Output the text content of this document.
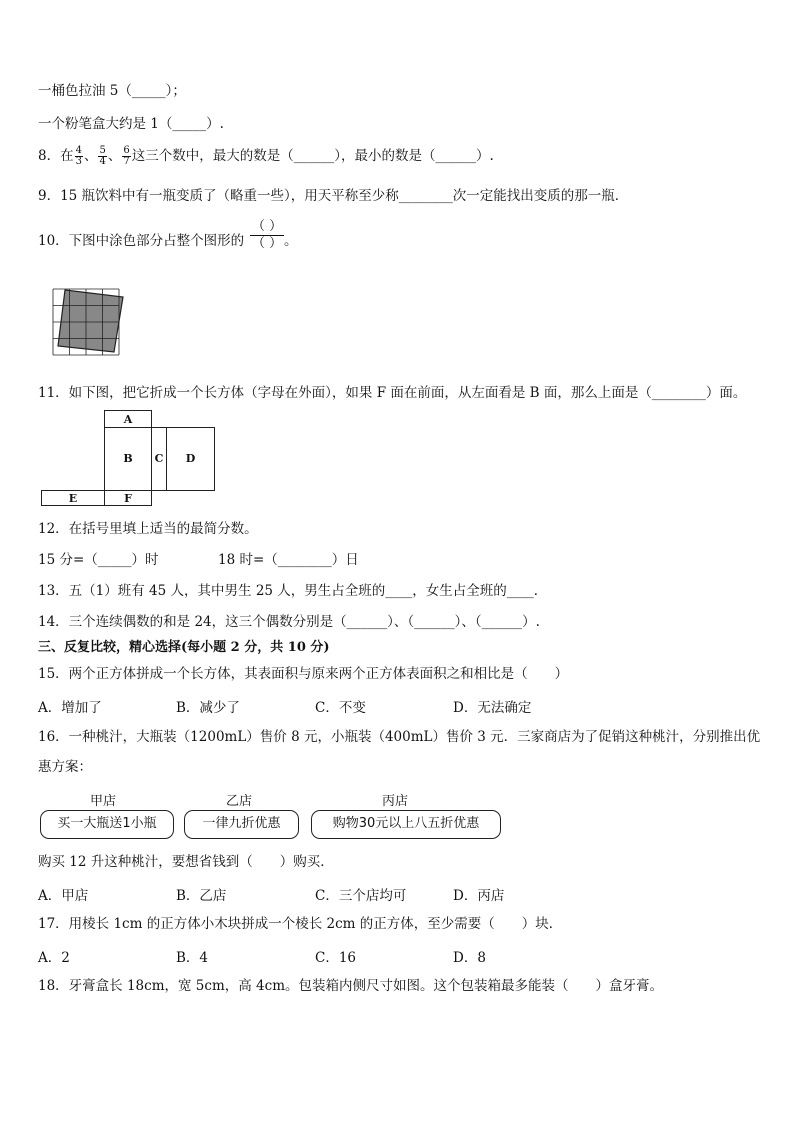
一桶色拉油 5（_____）；
一个粉笔盒大约是 1（_____）.
8．在 $\frac{4}{3}$ 、 $\frac{5}{4}$ 、 $\frac{6}{7}$ 这三个数中，最大的数是（______），最小的数是（______）.
9．15 瓶饮料中有一瓶变质了（略重一些），用天平称至少称________次一定能找出变质的那一瓶．
10．下图中涂色部分占整个图形的
（ ）
（ ） 。
11．如下图，把它折成一个长方体（字母在外面），如果 F 面在前面，从左面看是 B 面，那么上面是（________）面。
A
B	C	D
E	F
12．在括号里填上适当的最简分数。
15 分=（_____）时	18 时=（________）日
13．五（1）班有 45 人，其中男生 25 人，男生占全班的____，女生占全班的____．
14．三个连续偶数的和是 24，这三个偶数分别是（______）、（______）、（______）.
三、反复比较，精心选择(每小题 2 分，共 10 分)
15．两个正方体拼成一个长方体，其表面积与原来两个正方体表面积之和相比是（　　）
A．增加了	B．减少了	C．不变	D．无法确定
16．一种桃汁，大瓶装（1200mL）售价 8 元，小瓶装（400mL）售价 3 元．三家商店为了促销这种桃汁，分别推出优
惠方案：
甲店	乙店	丙店
买一大瓶送1小瓶	一律九折优惠	购物30元以上八五折优惠
购买 12 升这种桃汁，要想省钱到（　　）购买．
A．甲店	B．乙店	C．三个店均可	D．丙店
17．用棱长 1cm 的正方体小木块拼成一个棱长 2cm 的正方体，至少需要（　　）块．
A．2	B．4	C．16	D．8
18．牙膏盒长 18cm，宽 5cm，高 4cm。包装箱内侧尺寸如图。这个包装箱最多能装（　　）盒牙膏。
